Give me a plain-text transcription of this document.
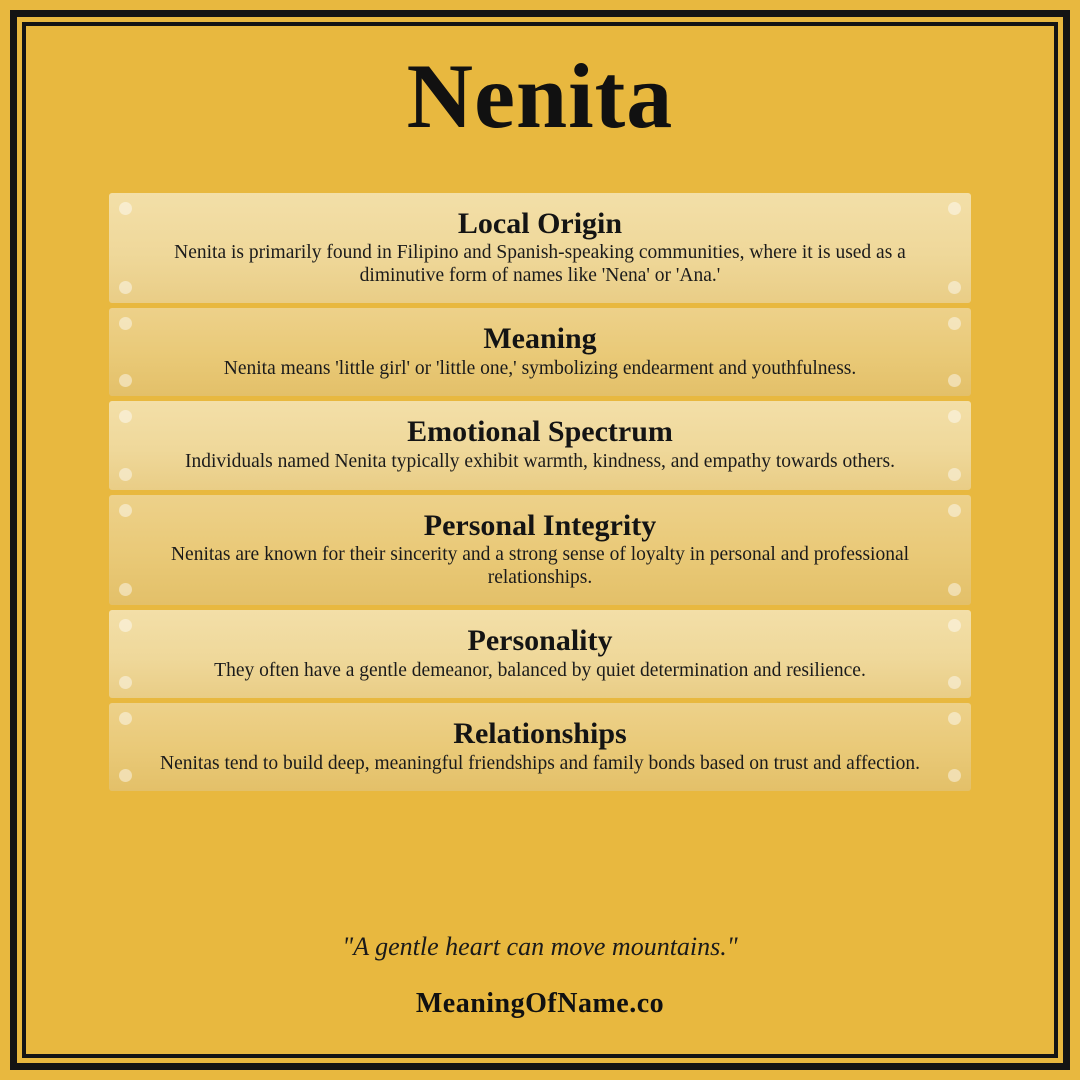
Nenita
Local Origin
Nenita is primarily found in Filipino and Spanish-speaking communities, where it is used as a diminutive form of names like 'Nena' or 'Ana.'
Meaning
Nenita means 'little girl' or 'little one,' symbolizing endearment and youthfulness.
Emotional Spectrum
Individuals named Nenita typically exhibit warmth, kindness, and empathy towards others.
Personal Integrity
Nenitas are known for their sincerity and a strong sense of loyalty in personal and professional relationships.
Personality
They often have a gentle demeanor, balanced by quiet determination and resilience.
Relationships
Nenitas tend to build deep, meaningful friendships and family bonds based on trust and affection.
"A gentle heart can move mountains."
MeaningOfName.co
